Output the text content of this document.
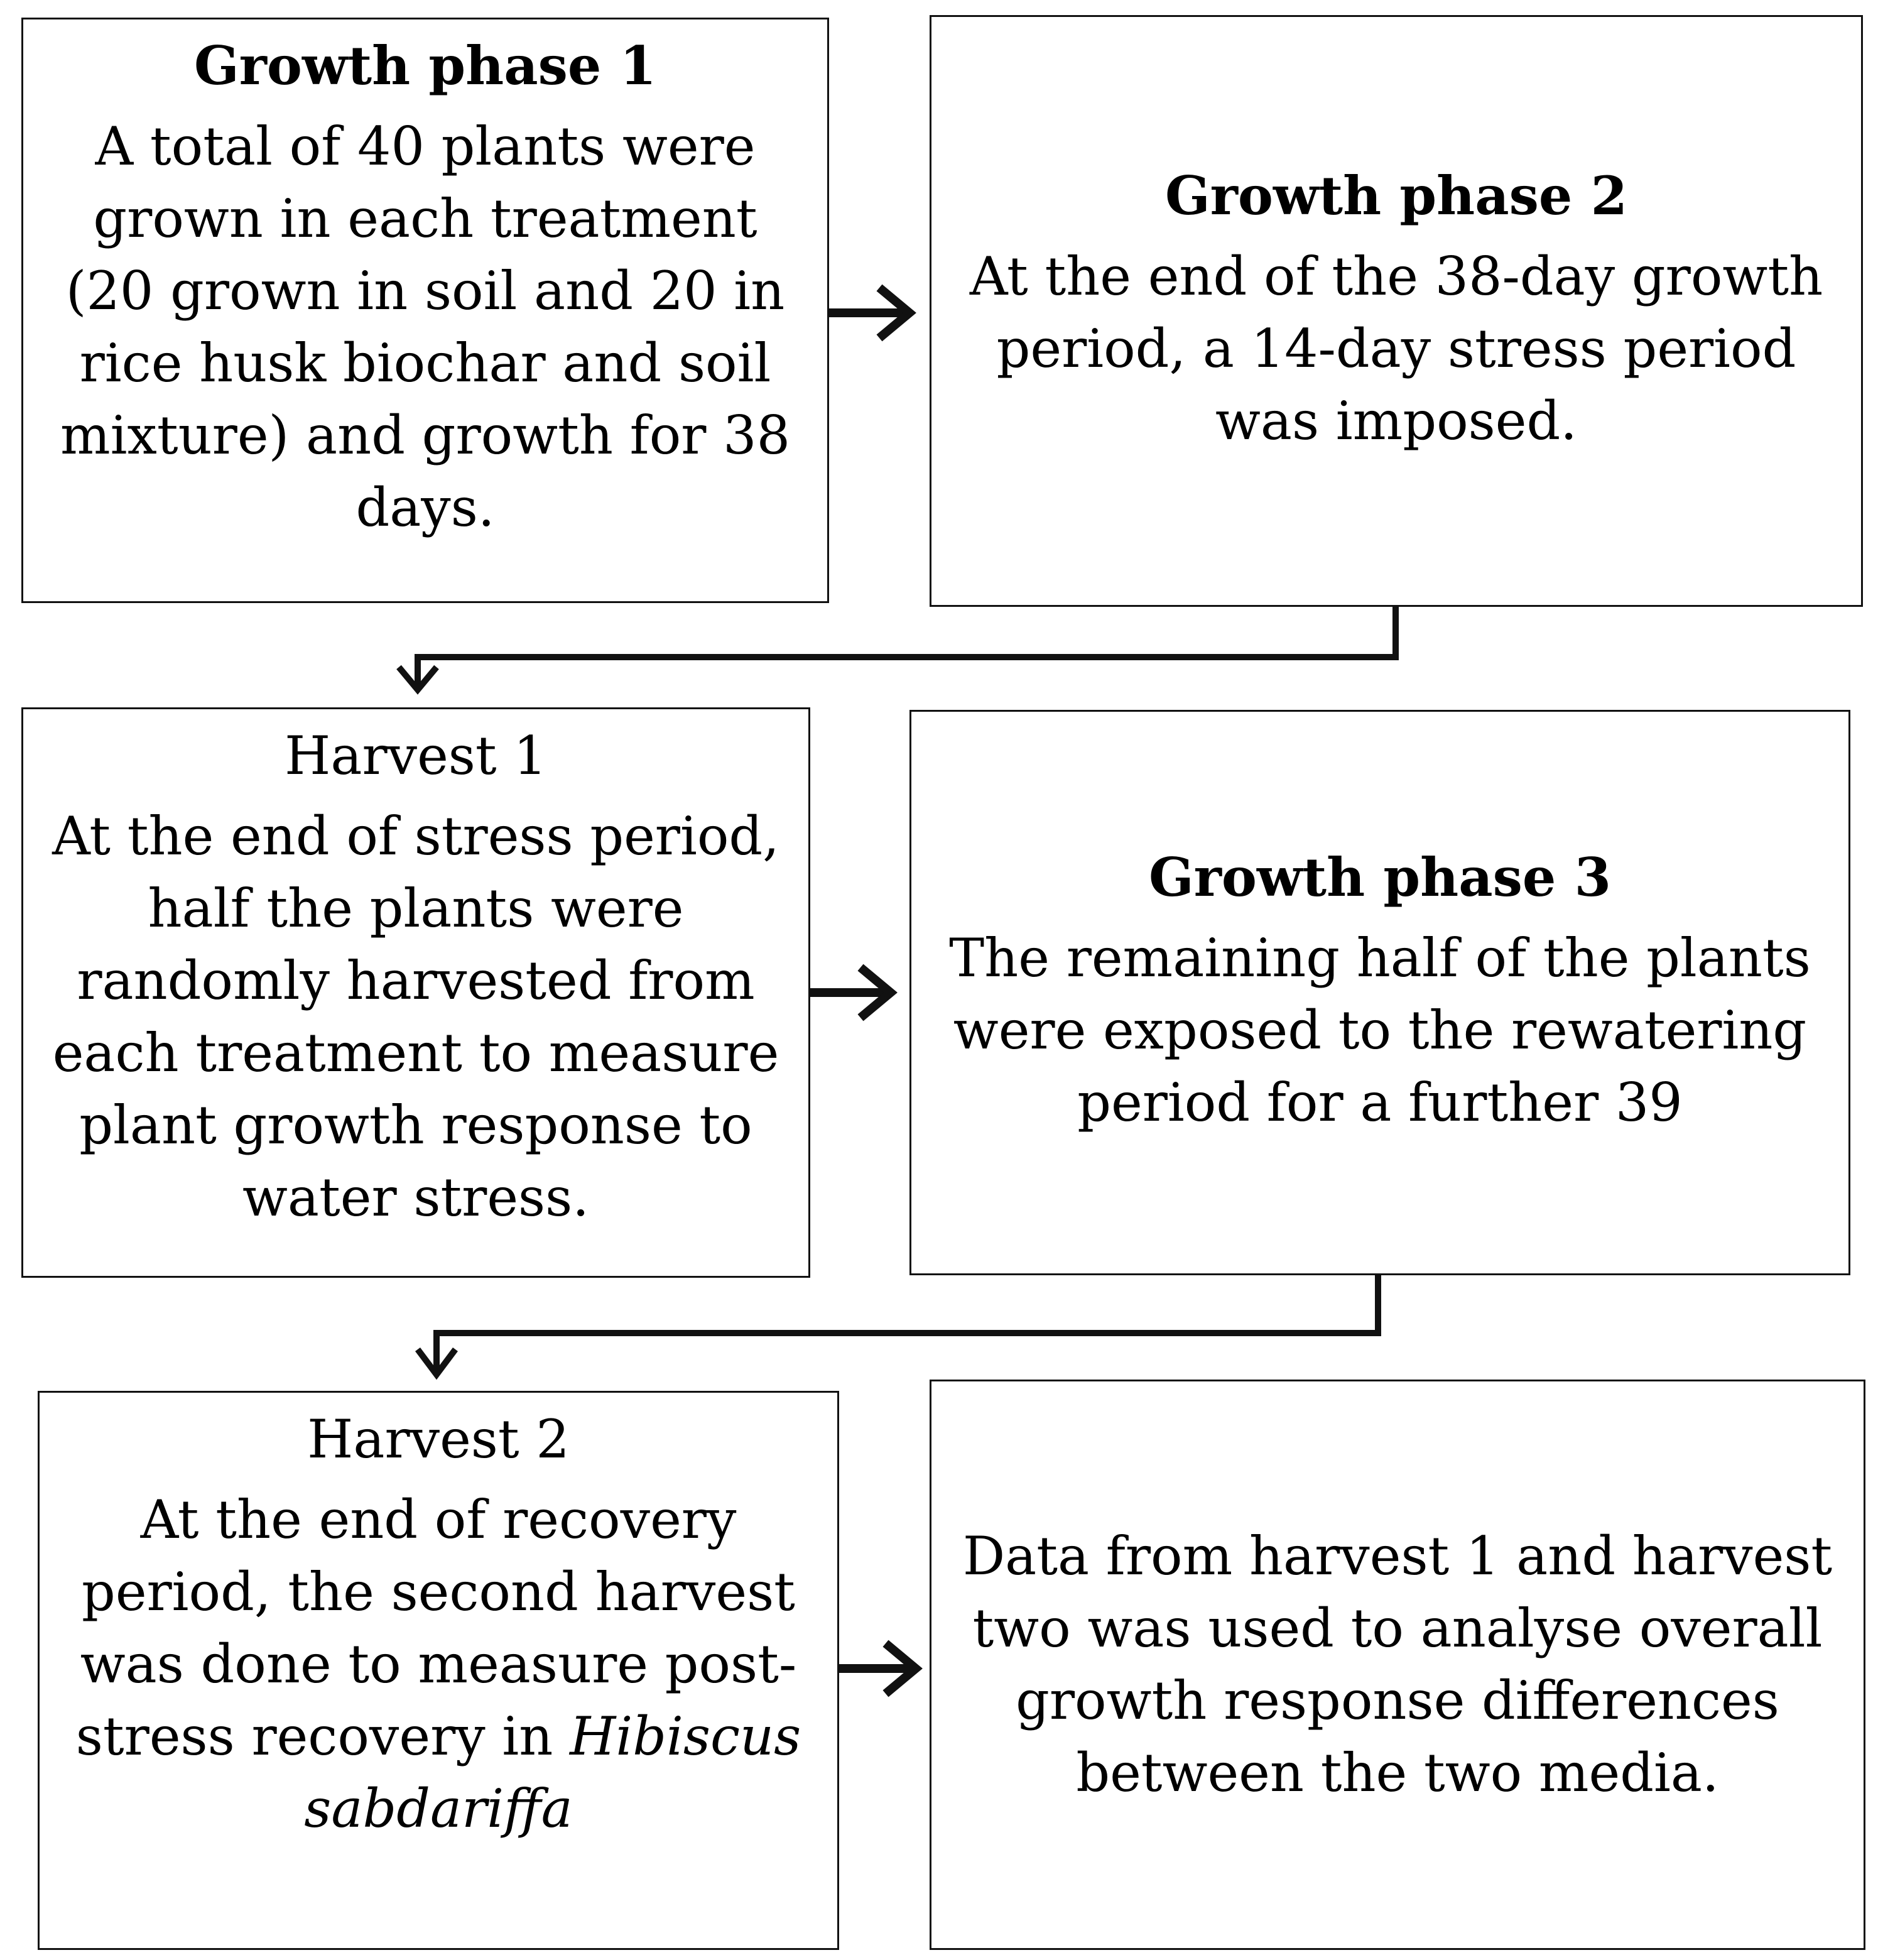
Growth phase 1
A total of 40 plants were grown in each treatment (20 grown in soil and 20 in rice husk biochar and soil mixture) and growth for 38 days.
Growth phase 2
At the end of the 38-day growth period, a 14-day stress period was imposed.
Harvest 1
At the end of stress period, half the plants were randomly harvested from each treatment to measure plant growth response to water stress.
Growth phase 3
The remaining half of the plants were exposed to the rewatering period for a further 39
Harvest 2
At the end of recovery period, the second harvest was done to measure post-stress recovery in Hibiscus sabdariffa
Data from harvest 1 and harvest two was used to analyse overall growth response differences between the two media.
